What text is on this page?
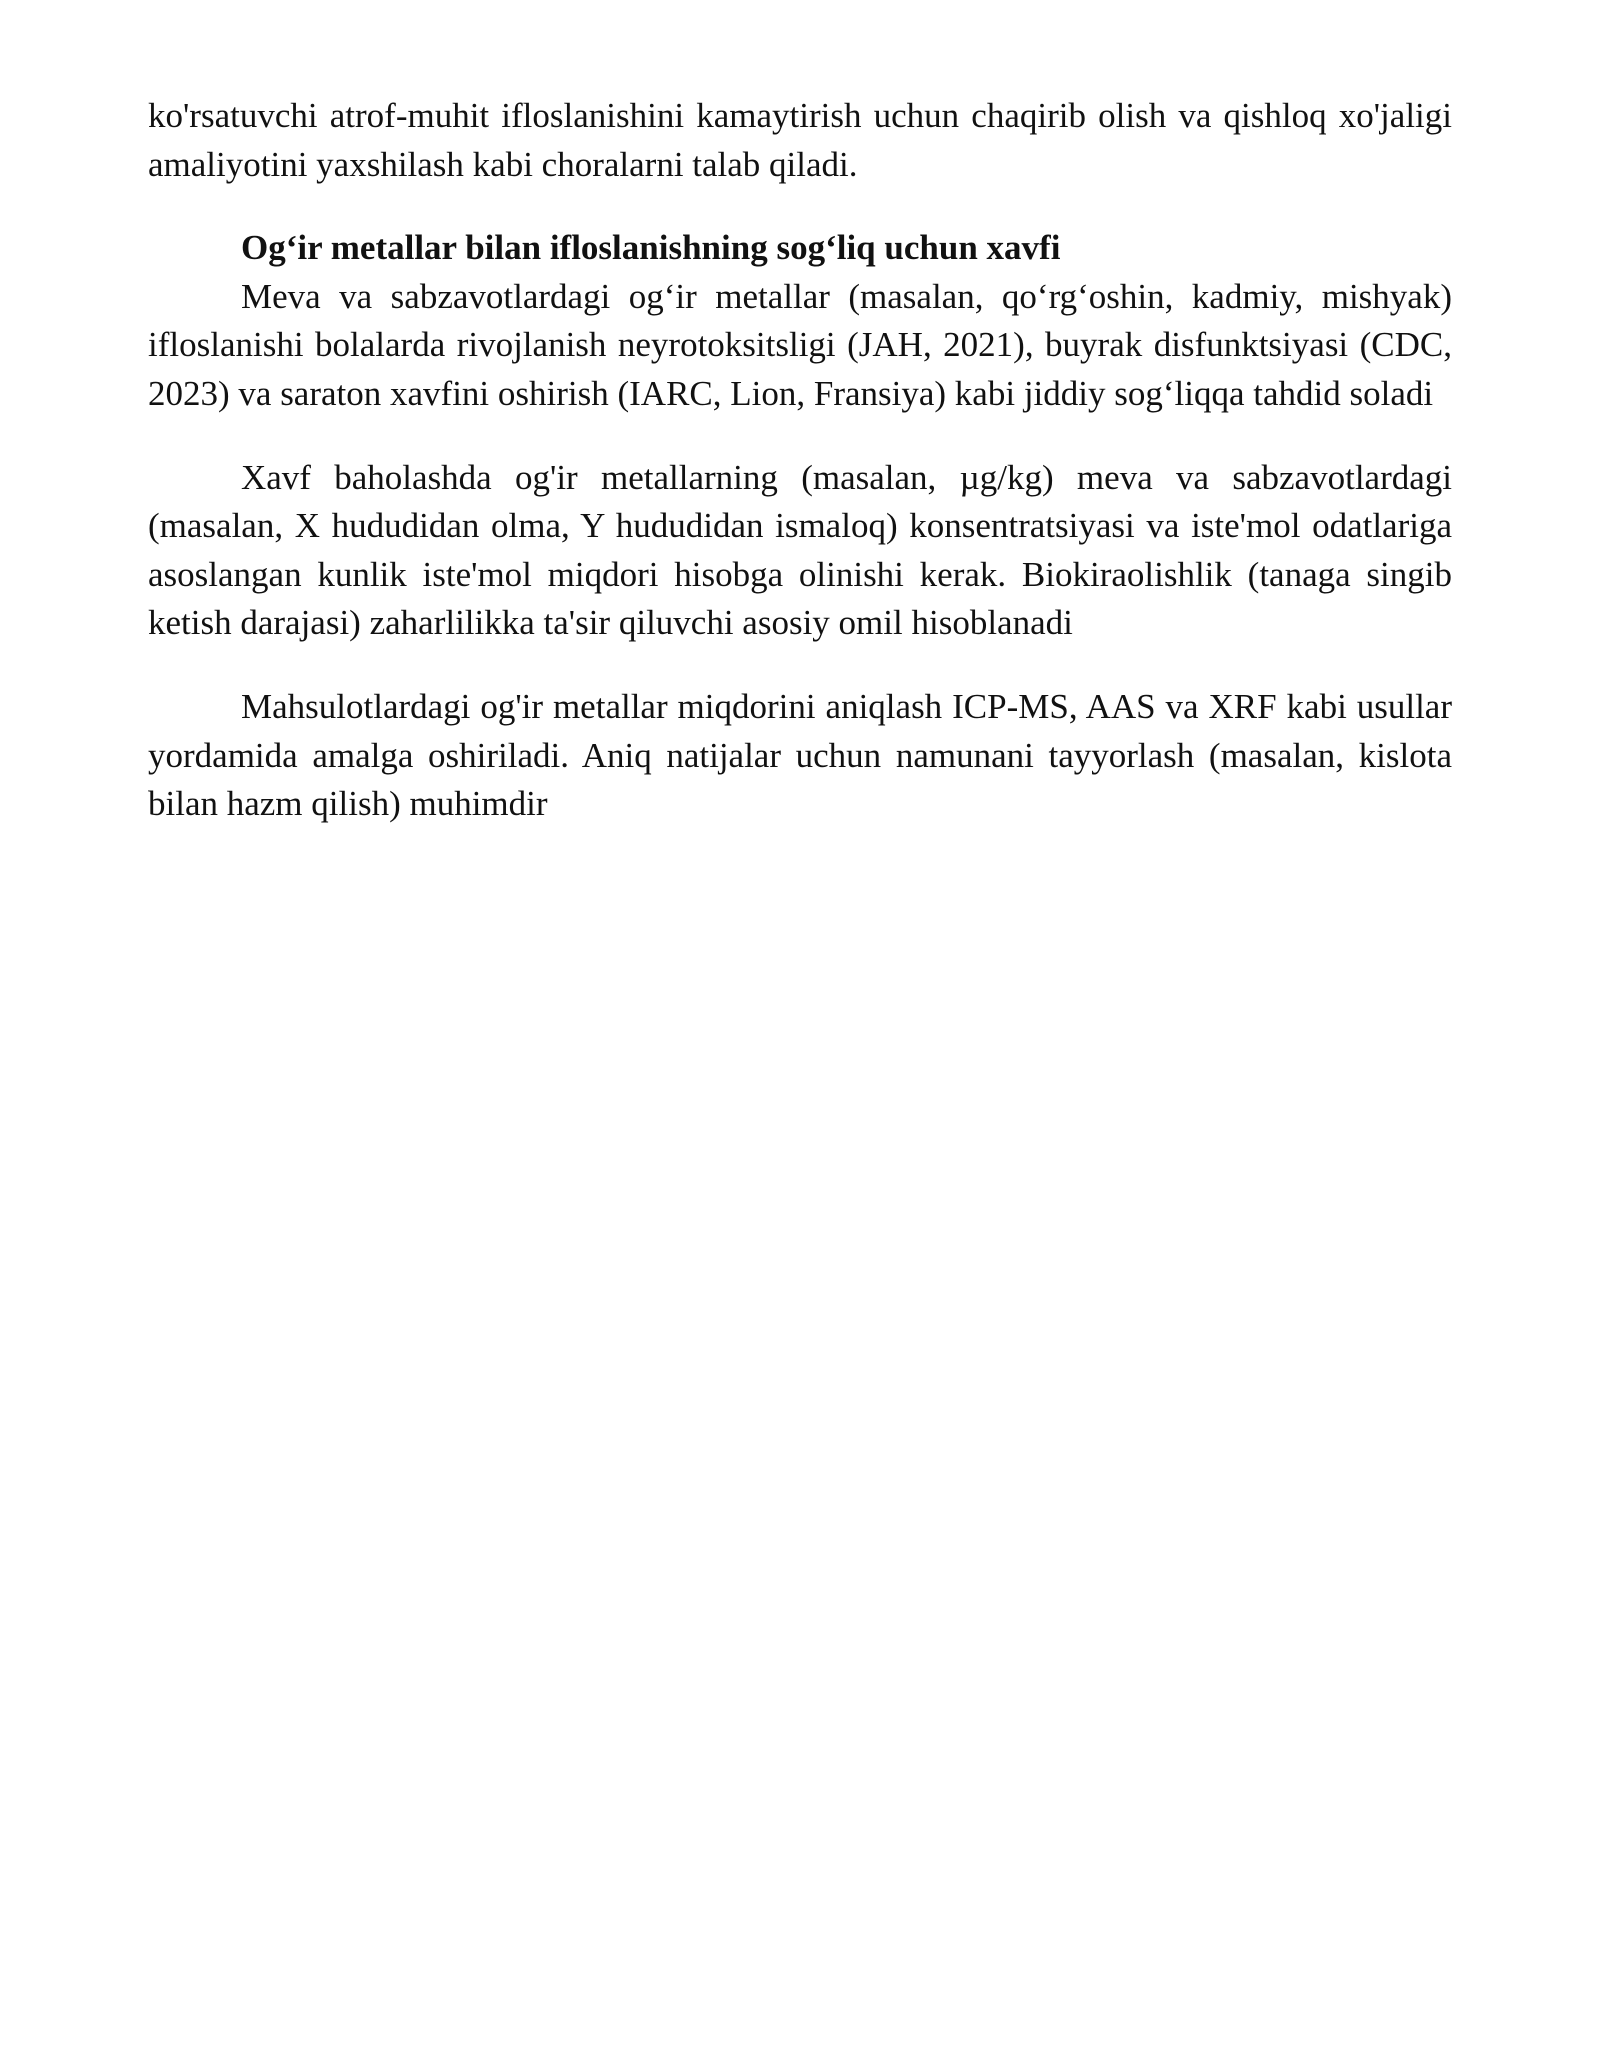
ko'rsatuvchi atrof-muhit ifloslanishini kamaytirish uchun chaqirib olish va qishloq xo'jaligi amaliyotini yaxshilash kabi choralarni talab qiladi.

Og‘ir metallar bilan ifloslanishning sog‘liq uchun xavfi

Meva va sabzavotlardagi og‘ir metallar (masalan, qo‘rg‘oshin, kadmiy, mishyak) ifloslanishi bolalarda rivojlanish neyrotoksitsligi (JAH, 2021), buyrak disfunktsiyasi (CDC, 2023) va saraton xavfini oshirish (IARC, Lion, Fransiya) kabi jiddiy sog‘liqqa tahdid soladi

Xavf baholashda og'ir metallarning (masalan, µg/kg) meva va sabzavotlardagi (masalan, X hududidan olma, Y hududidan ismaloq) konsentratsiyasi va iste'mol odatlariga asoslangan kunlik iste'mol miqdori hisobga olinishi kerak. Biokiraolishlik (tanaga singib ketish darajasi) zaharlilikka ta'sir qiluvchi asosiy omil hisoblanadi

Mahsulotlardagi og'ir metallar miqdorini aniqlash ICP-MS, AAS va XRF kabi usullar yordamida amalga oshiriladi. Aniq natijalar uchun namunani tayyorlash (masalan, kislota bilan hazm qilish) muhimdir
